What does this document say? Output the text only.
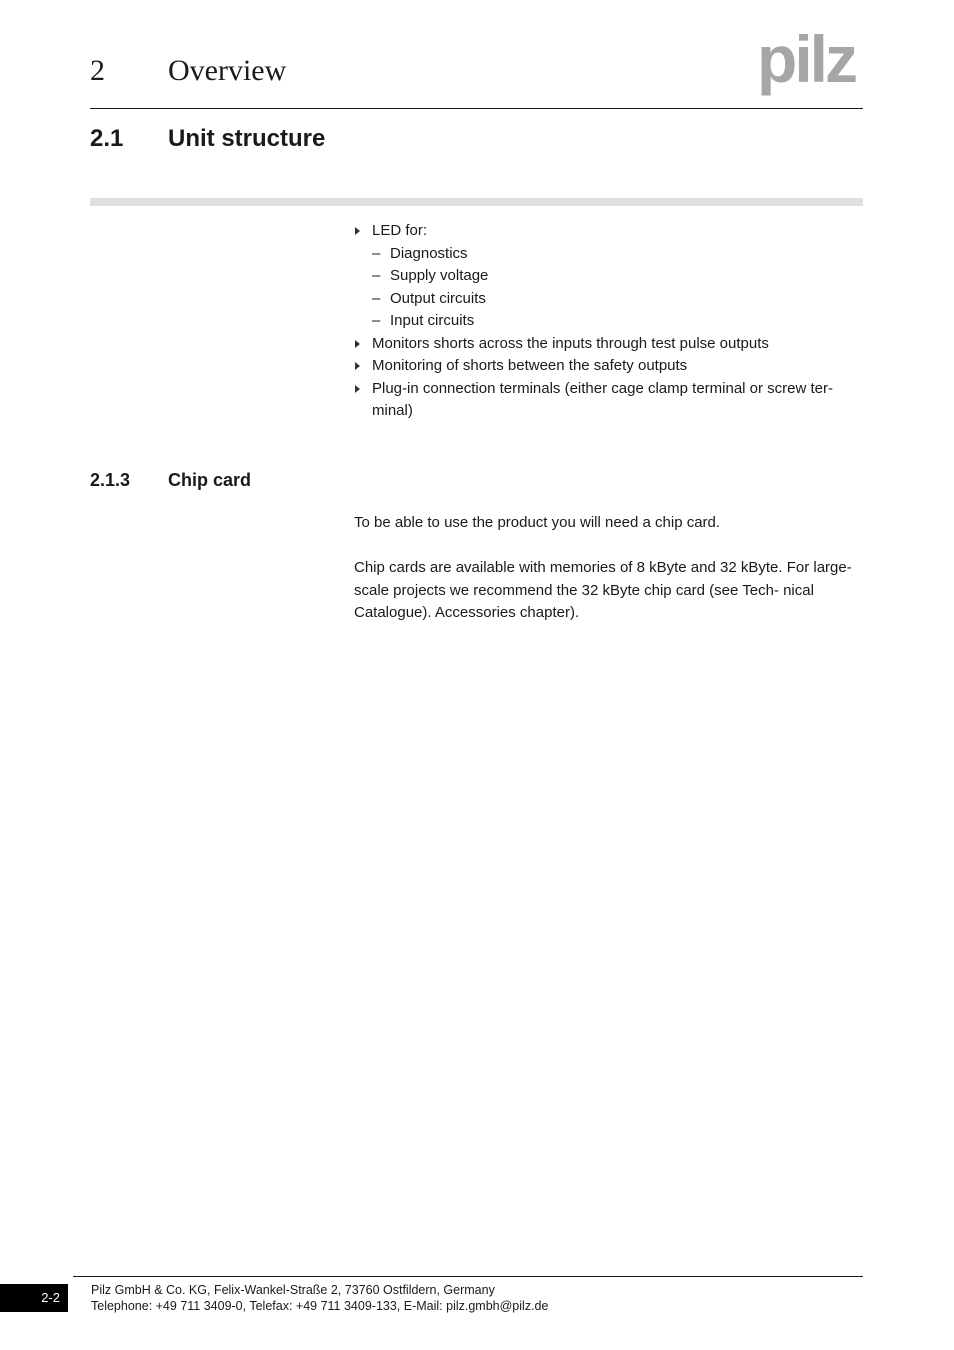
2 Overview	pilz
2.1 Unit structure
LED for:
– Diagnostics
– Supply voltage
– Output circuits
– Input circuits
Monitors shorts across the inputs through test pulse outputs
Monitoring of shorts between the safety outputs
Plug-in connection terminals (either cage clamp terminal or screw ter- minal)
2.1.3 Chip card

To be able to use the product you will need a chip card.

Chip cards are available with memories of 8 kByte and 32 kByte. For large-scale projects we recommend the 32 kByte chip card (see Tech- nical Catalogue). Accessories chapter).

2-2	Pilz GmbH & Co. KG, Felix-Wankel-Straße 2, 73760 Ostfildern, Germany
Telephone: +49 711 3409-0, Telefax: +49 711 3409-133, E-Mail: pilz.gmbh@pilz.de
